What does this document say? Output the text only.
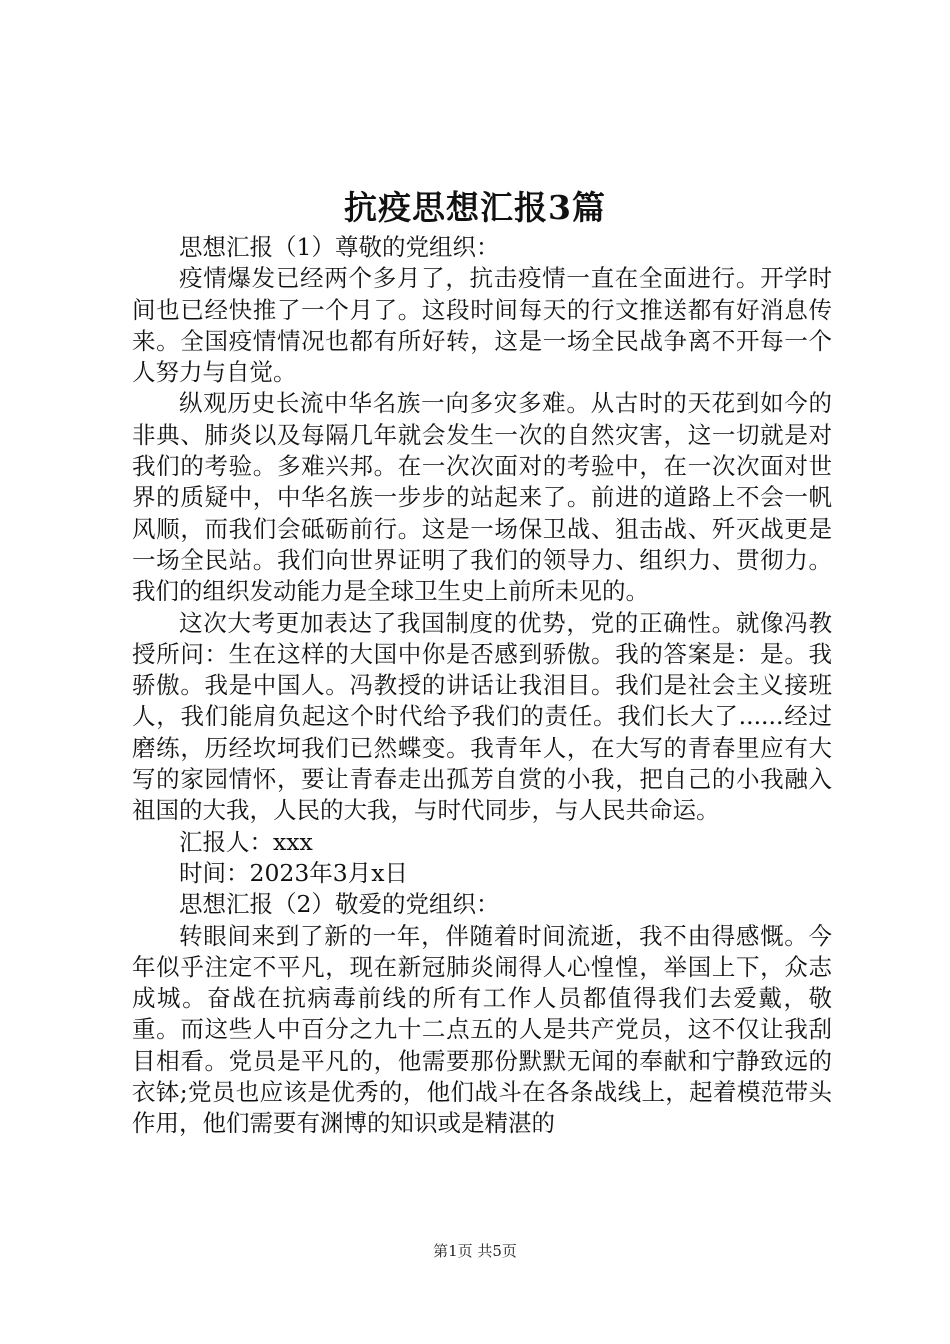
抗疫思想汇报3篇

思想汇报（1）尊敬的党组织：

疫情爆发已经两个多月了，抗击疫情一直在全面进行。开学时间也已经快推了一个月了。这段时间每天的行文推送都有好消息传来。全国疫情情况也都有所好转，这是一场全民战争离不开每一个人努力与自觉。

纵观历史长流中华名族一向多灾多难。从古时的天花到如今的非典、肺炎以及每隔几年就会发生一次的自然灾害，这一切就是对我们的考验。多难兴邦。在一次次面对的考验中，在一次次面对世界的质疑中，中华名族一步步的站起来了。前进的道路上不会一帆风顺，而我们会砥砺前行。这是一场保卫战、狙击战、歼灭战更是一场全民站。我们向世界证明了我们的领导力、组织力、贯彻力。我们的组织发动能力是全球卫生史上前所未见的。

这次大考更加表达了我国制度的优势，党的正确性。就像冯教授所问：生在这样的大国中你是否感到骄傲。我的答案是：是。我骄傲。我是中国人。冯教授的讲话让我泪目。我们是社会主义接班人，我们能肩负起这个时代给予我们的责任。我们长大了......经过磨练，历经坎坷我们已然蝶变。我青年人，在大写的青春里应有大写的家园情怀，要让青春走出孤芳自赏的小我，把自己的小我融入祖国的大我，人民的大我，与时代同步，与人民共命运。

汇报人：xxx

时间：2023年3月x日

思想汇报（2）敬爱的党组织：

转眼间来到了新的一年，伴随着时间流逝，我不由得感慨。今年似乎注定不平凡，现在新冠肺炎闹得人心惶惶，举国上下，众志成城。奋战在抗病毒前线的所有工作人员都值得我们去爱戴，敬重。而这些人中百分之九十二点五的人是共产党员，这不仅让我刮目相看。党员是平凡的，他需要那份默默无闻的奉献和宁静致远的衣钵;党员也应该是优秀的，他们战斗在各条战线上，起着模范带头作用，他们需要有渊博的知识或是精湛的

第1页 共5页
